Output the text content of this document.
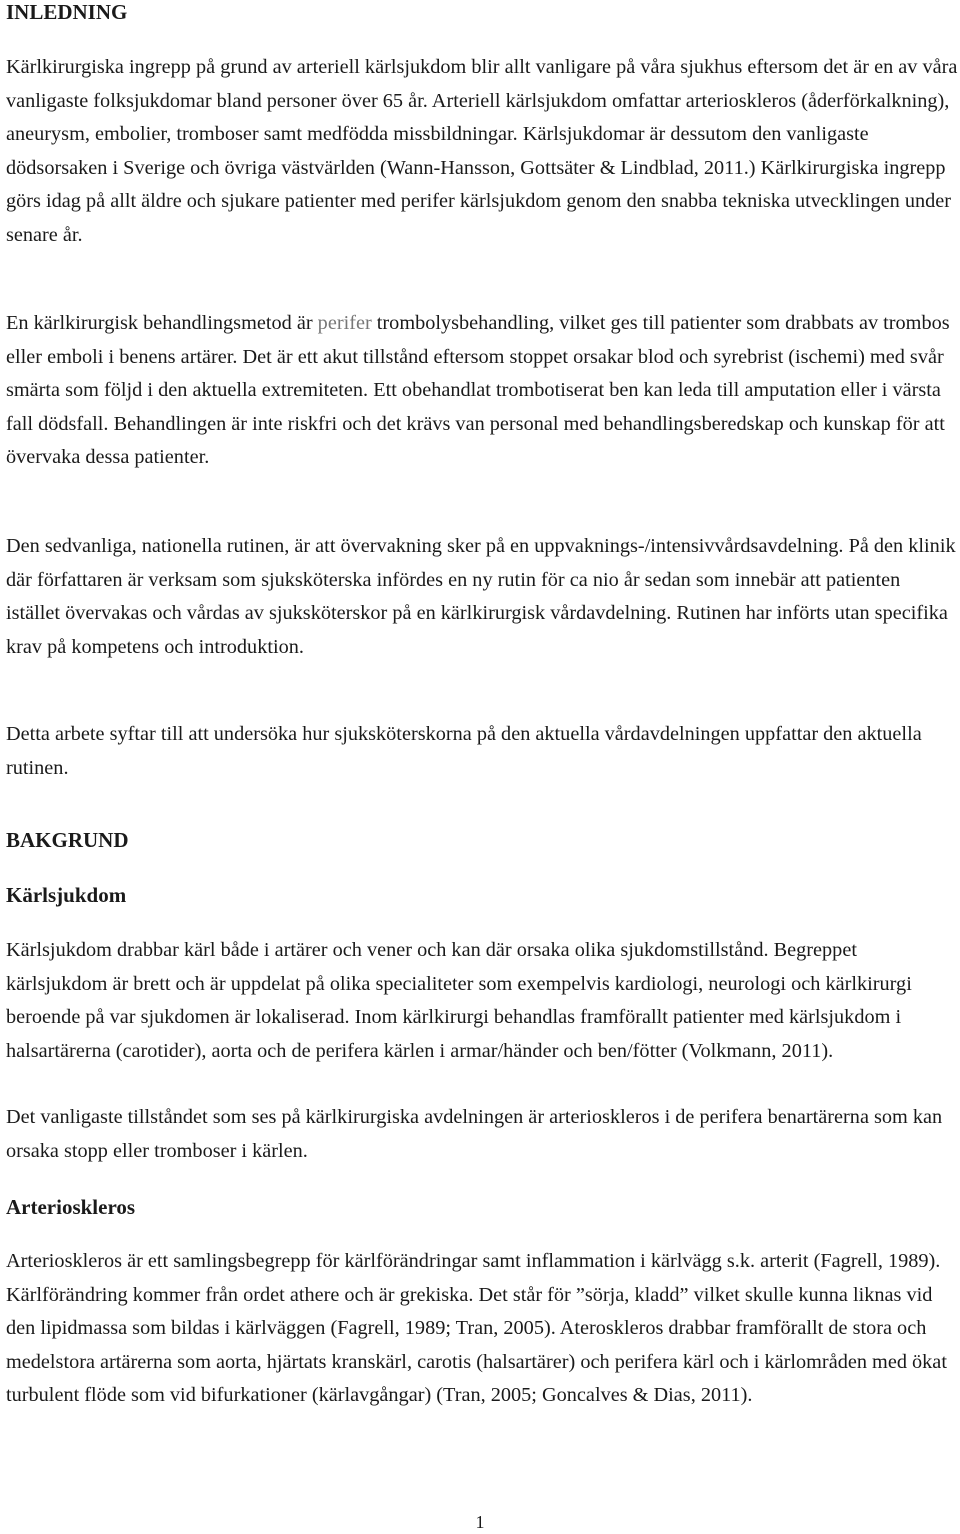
INLEDNING

Kärlkirurgiska ingrepp på grund av arteriell kärlsjukdom blir allt vanligare på våra sjukhus eftersom det är en av våra vanligaste folksjukdomar bland personer över 65 år. Arteriell kärlsjukdom omfattar arterioskleros (åderförkalkning), aneurysm, embolier, tromboser samt medfödda missbildningar. Kärlsjukdomar är dessutom den vanligaste dödsorsaken i Sverige och övriga västvärlden (Wann-Hansson, Gottsäter & Lindblad, 2011.) Kärlkirurgiska ingrepp görs idag på allt äldre och sjukare patienter med perifer kärlsjukdom genom den snabba tekniska utvecklingen under senare år.

En kärlkirurgisk behandlingsmetod är perifer trombolysbehandling, vilket ges till patienter som drabbats av trombos eller emboli i benens artärer. Det är ett akut tillstånd eftersom stoppet orsakar blod och syrebrist (ischemi) med svår smärta som följd i den aktuella extremiteten. Ett obehandlat trombotiserat ben kan leda till amputation eller i värsta fall dödsfall. Behandlingen är inte riskfri och det krävs van personal med behandlingsberedskap och kunskap för att övervaka dessa patienter.

Den sedvanliga, nationella rutinen, är att övervakning sker på en uppvaknings-/intensivvårdsavdelning. På den klinik där författaren är verksam som sjuksköterska infördes en ny rutin för ca nio år sedan som innebär att patienten istället övervakas och vårdas av sjuksköterskor på en kärlkirurgisk vårdavdelning. Rutinen har införts utan specifika krav på kompetens och introduktion.

Detta arbete syftar till att undersöka hur sjuksköterskorna på den aktuella vårdavdelningen uppfattar den aktuella rutinen.

BAKGRUND
Kärlsjukdom

Kärlsjukdom drabbar kärl både i artärer och vener och kan där orsaka olika sjukdomstillstånd. Begreppet kärlsjukdom är brett och är uppdelat på olika specialiteter som exempelvis kardiologi, neurologi och kärlkirurgi beroende på var sjukdomen är lokaliserad. Inom kärlkirurgi behandlas framförallt patienter med kärlsjukdom i halsartärerna (carotider), aorta och de perifera kärlen i armar/händer och ben/fötter (Volkmann, 2011).

Det vanligaste tillståndet som ses på kärlkirurgiska avdelningen är arterioskleros i de perifera benartärerna som kan orsaka stopp eller tromboser i kärlen.

Arterioskleros

Arterioskleros är ett samlingsbegrepp för kärlförändringar samt inflammation i kärlvägg s.k. arterit (Fagrell, 1989). Kärlförändring kommer från ordet athere och är grekiska. Det står för ”sörja, kladd” vilket skulle kunna liknas vid den lipidmassa som bildas i kärlväggen (Fagrell, 1989; Tran, 2005). Ateroskleros drabbar framförallt de stora och medelstora artärerna som aorta, hjärtats kranskärl, carotis (halsartärer) och perifera kärl och i kärlområden med ökat turbulent flöde som vid bifurkationer (kärlavgångar) (Tran, 2005; Goncalves & Dias, 2011).

1
